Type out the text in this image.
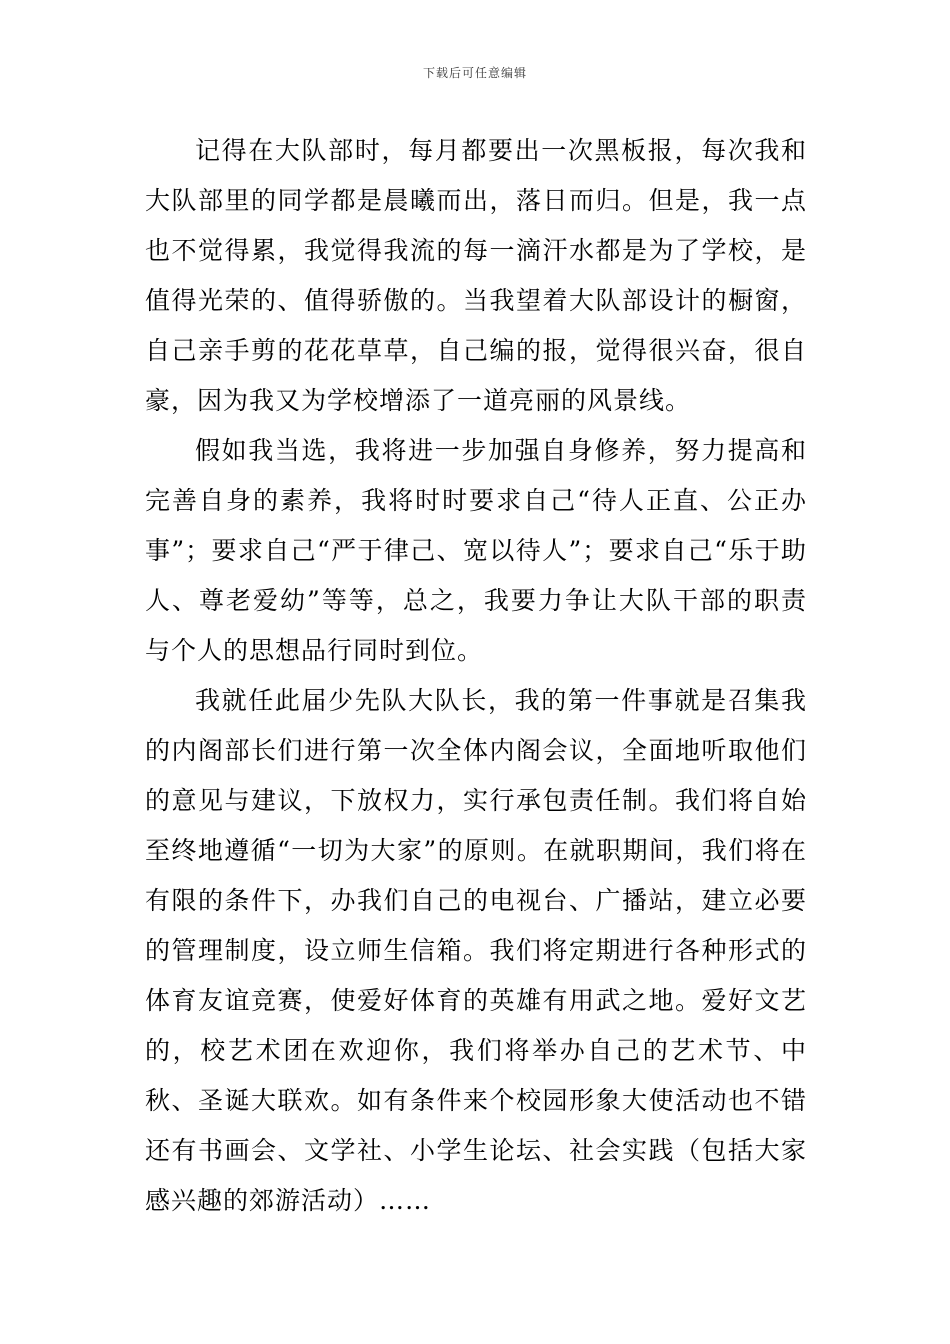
下载后可任意编辑

记得在大队部时，每月都要出一次黑板报，每次我和大队部里的同学都是晨曦而出，落日而归。但是，我一点也不觉得累，我觉得我流的每一滴汗水都是为了学校，是值得光荣的、值得骄傲的。当我望着大队部设计的橱窗，自己亲手剪的花花草草，自己编的报，觉得很兴奋，很自豪，因为我又为学校增添了一道亮丽的风景线。

假如我当选，我将进一步加强自身修养，努力提高和完善自身的素养，我将时时要求自己“待人正直、公正办事”；要求自己“严于律己、宽以待人”；要求自己“乐于助人、尊老爱幼”等等，总之，我要力争让大队干部的职责与个人的思想品行同时到位。

我就任此届少先队大队长，我的第一件事就是召集我的内阁部长们进行第一次全体内阁会议，全面地听取他们的意见与建议，下放权力，实行承包责任制。我们将自始至终地遵循“一切为大家”的原则。在就职期间，我们将在有限的条件下，办我们自己的电视台、广播站，建立必要的管理制度，设立师生信箱。我们将定期进行各种形式的体育友谊竞赛，使爱好体育的英雄有用武之地。爱好文艺的，校艺术团在欢迎你，我们将举办自己的艺术节、中秋、圣诞大联欢。如有条件来个校园形象大使活动也不错还有书画会、文学社、小学生论坛、社会实践（包括大家感兴趣的郊游活动）……
